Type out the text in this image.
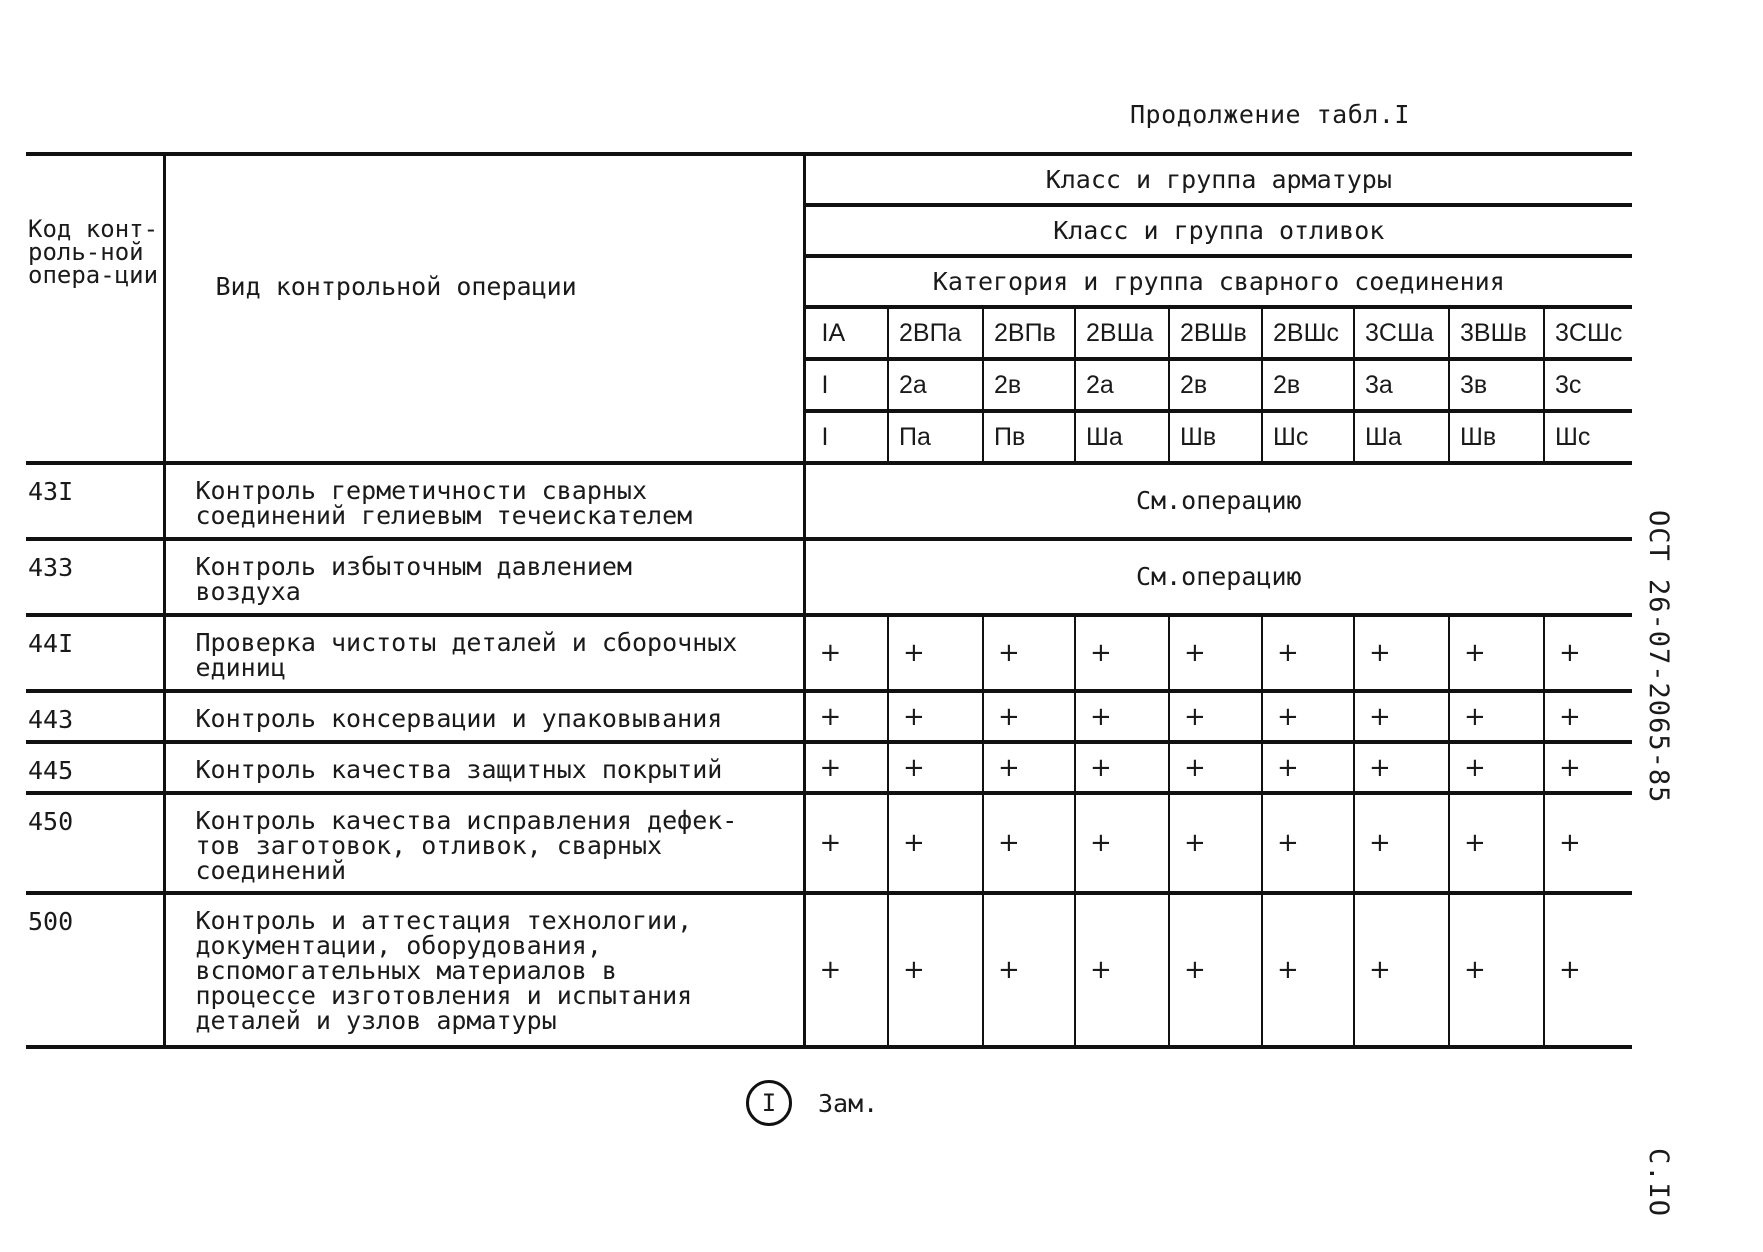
Продолжение табл.I
Код конт-роль-ной опера-ции	Вид контрольной операции	Класс и группа арматуры								
		Класс и группа отливок								
		Категория и группа сварного соединения								
		IA	2ВПа	2ВПв	2ВШа	2ВШв	2ВШс	3СШа	3ВШв	3СШс
		I	2а	2в	2а	2в	2в	3а	3в	3с
		I	Па	Пв	Ша	Шв	Шс	Ша	Шв	Шс
43I	Контроль герметичности сварных
соединений гелиевым течеискателем	См.операцию								
433	Контроль избыточным давлением
воздуха	См.операцию								
44I	Проверка чистоты деталей и сборочных
единиц	+	+	+	+	+	+	+	+	+
443	Контроль консервации и упаковывания	+	+	+	+	+	+	+	+	+
445	Контроль качества защитных покрытий	+	+	+	+	+	+	+	+	+
450	Контроль качества исправления дефек-
тов заготовок, отливок, сварных
соединений	+	+	+	+	+	+	+	+	+
500	Контроль и аттестация технологии,
документации, оборудования,
вспомогательных материалов в
процессе изготовления и испытания
деталей и узлов арматуры	+	+	+	+	+	+	+	+	+
I	Зам.
ОСТ 26-07-2065-85
С.IO
